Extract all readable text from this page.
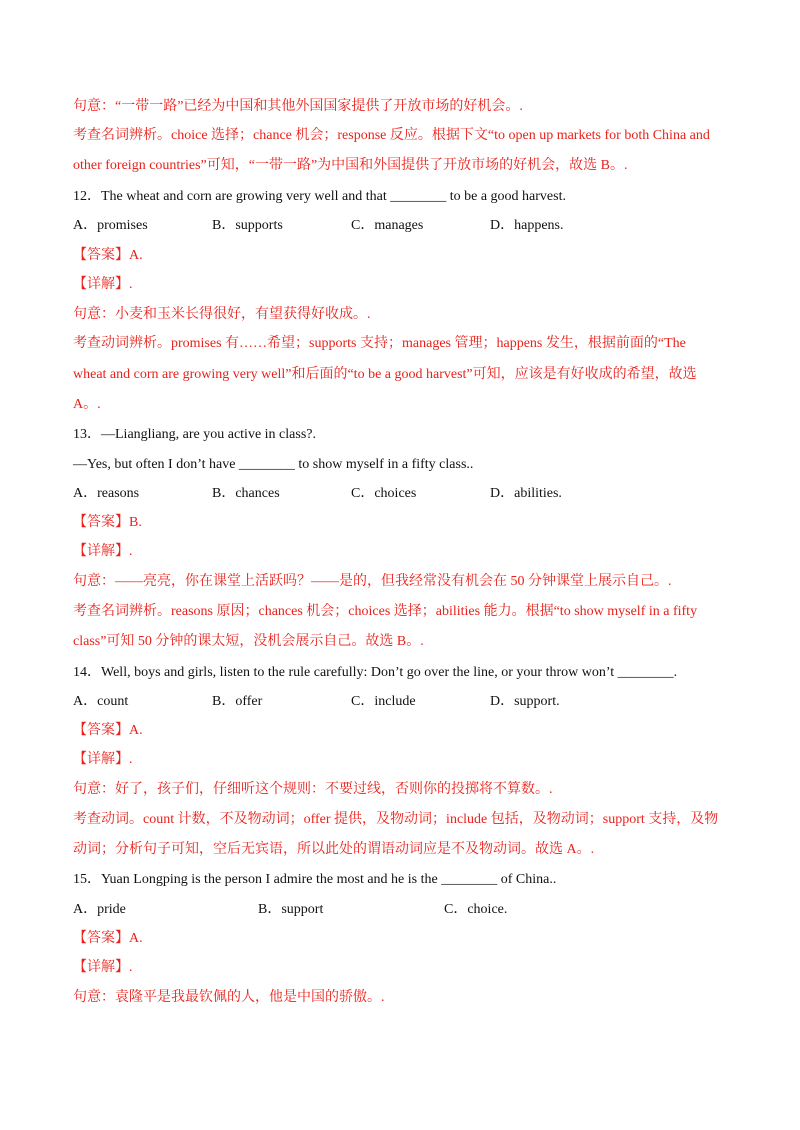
句意：“一带一路”已经为中国和其他外国国家提供了开放市场的好机会。.
考查名词辨析。choice 选择；chance 机会；response 反应。根据下文“to open up markets for both China and
other foreign countries”可知，“一带一路”为中国和外国提供了开放市场的好机会，故选 B。.
12．The wheat and corn are growing very well and that ________ to be a good harvest.
A．promises	B．supports	C．manages	D．happens.
【答案】A.
【详解】.
句意：小麦和玉米长得很好，有望获得好收成。.
考查动词辨析。promises 有……希望；supports 支持；manages 管理；happens 发生，根据前面的“The
wheat and corn are growing very well”和后面的“to be a good harvest”可知，应该是有好收成的希望，故选
A。.
13．—Liangliang, are you active in class?.
—Yes, but often I don’t have ________ to show myself in a fifty class..
A．reasons	B．chances	C．choices	D．abilities.
【答案】B.
【详解】.
句意：——亮亮，你在课堂上活跃吗？——是的，但我经常没有机会在 50 分钟课堂上展示自己。.
考查名词辨析。reasons 原因；chances 机会；choices 选择；abilities 能力。根据“to show myself in a fifty
class”可知 50 分钟的课太短，没机会展示自己。故选 B。.
14．Well, boys and girls, listen to the rule carefully: Don’t go over the line, or your throw won’t ________.
A．count	B．offer	C．include	D．support.
【答案】A.
【详解】.
句意：好了，孩子们，仔细听这个规则：不要过线，否则你的投掷将不算数。.
考查动词。count 计数，不及物动词；offer 提供，及物动词；include 包括，及物动词；support 支持，及物
动词；分析句子可知，空后无宾语，所以此处的谓语动词应是不及物动词。故选 A。.
15．Yuan Longping is the person I admire the most and he is the ________ of China..
A．pride	B．support	C．choice.
【答案】A.
【详解】.
句意：袁隆平是我最钦佩的人，他是中国的骄傲。.
